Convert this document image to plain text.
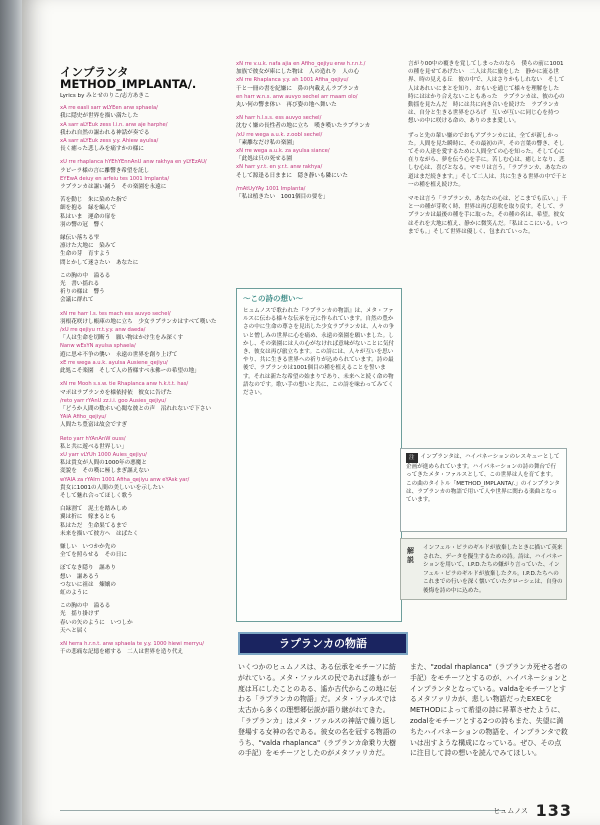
インプランタ
METHOD_IMPLANTA/.
Lyrics by みとせのりこ/志方あきこ
xA rre easli sarr wLYEen anw sphaela/
我に隠史が世界を描い満たした
xA sarr aLYEuk zess I.i.n. anw aje harphe/
我われ自然の謳われる神話が奏でる
xA sarr aLYEuk zess y.y. Ahiew ayulsa/
長く癒った悲しみを痛すかの様に
xU rre rhaplanca hYEhYEnnAnU anw rakhya en yLYEzAU/
ラビーラ様の言に離響き希望を託し
EYEwA deiuy en arfeiu tes 1001 Implanta/
ラプランカは謳い踊う　その楽園を永遠に
苦を動じ　朱に染めた指で
細を抱る　緑を編んで
私はいま　運命の扉を
羽の響の冠　響く
縁伝い落ちる雫
凛けた大地に　染みて
生命の芽　育すよう
問とかして迷さたい　あなたに
この胸の中　溢るる
光　書い揺れる
祈りの様は　響う
会議に群れて
xN rre harr I.s. tes mach ess auvyo sechel/
羽根花咲けし帳庫の地に立ち　少女ラプランカはすべて嘆いた
/xU rre qejiyu rr.t.y.y. anw daeda/
「人は生命を切断う　願い物はかけ生をみ深くす
Nanw wEsYN ayulsa sphaela/
遊に思ヰ不争の襲い　永遠の世界を創り上げて
xE rre wega a.u.k. ayulsa Ausiene_qejiyu/
此処こそ楽園　そして人の皆様すべ永佛ーの希望の地」
xN rre Mooh s.s.w. tie Rhaplanca anw h.k.t.t. has/
マポはラプランカを様依持依　彼女に告げた
/reto yarr rYAnU zz.i.i. goo Ausies_qejiyu/
「どうか人間の数ホい心聞な彼との声　沼れれないで下さい
YAiA Afiho_qejiyu/
人間たち豊富は故会ですぎ
Reto yarr hYAnAnW ouss/
私と共に遊べる世界しい」
xU yarr vLYUh 1000 Auies_qejiyu/
私は貴女が人間の1000年の悪魔と
変貌を　その嘆に極しまぎ謳えない
wYAIA za rYAIrn 1001 Afiha_qejiyu anw eYAsk yar/
貴女に1001の人間の美しいいを示したい
そして魅れ合ってほしく歌う
白緑割て　泥土を踏みしめ
翼は折に　嫁まるとも
私はただ　生命果てるまで
未来を描いて彼方へ　はばたく
嫌しい　いつかか先の
全てを照らせる　その日に
ぼてなき隠り　謳あり
想い　謳あるう
つないに祖は　煉嬢の
虹のように
この胸の中　溢るる
光　揺り掛けず
春いの矢のように　いつしか
天へと届く
xN herra h.r.n.t. anw sphaela te y.y. 1000 hiewi merryu/
千の悲痛な記憶を癒する　二人は世界を造り代え
xN rre v.u.k. nafa ajia en Afiho_qejiyu enw h.r.n.t./
加族で彼女が庫にした物は　人の造れり　人の心
xN rre Rhaplanca y.y. ah 1001 Afiha_qejiyu/
千と一冊の書を紀嫌に　鼻の内載えんラプランカ
en harr w.n.s. anw auvyo sechel arr maam olo/
丸い何の響ま体い　再び姿の地へ舞いた
xN harr h.l.s.s. ess auvyo sechel/
沈むく嫌の長性者の地に立ち　嘆き嘆いたラプランカ
/xU rre wega a.u.k. z.oobl sechel/
「素離なだけ私の楽園」
xN rre wega a.u.k. za ayulsa siance/
「此処は只の死せる園
xN harr y.r.t. en y.r.t. anw rakhya/
そして源逢る日ままに　隠き静いも隣にいた
/mAtUyYAy 1001 Implanta/
「私は植きたい　1001個目の要を」
〜この詩の想い〜
ヒュムノスで歌われた『ラプランカの物語』は、メタ・ファルスに伝わる様々な伝承を元に作られています。自然の豊かさの中に生命の尊さを見出した少女ラプランカは、人々の争いと憎しみの世界に心を痛め、永遠の楽園を願いました。しかし、その楽園には人の心がなければ意味がないことに気付き、彼女は再び旅立ちます。この詩には、人々が互いを思いやり、共に生きる世界への祈りが込められています。詩の最後で、ラプランカは1001個目の種を植えることを誓います。それは新たな希望の始まりであり、未来へと続く命の物語なのです。歌い手の想いと共に、この詩を味わってみてください。
言がり00中の覆きを覚してしまったのなら　僕らの前に1001の種を見せてあげたい　二人は共に旅をした　静かに流る世界、時の見える丘　彼の中で、人はさりかもしれない　そして人はあれいにまとを知り、おもいを通じて様々を理解をした　時にははかり合えないこともあった　ラプランカは、彼の心の動揺を見たんだ　時には共に向き合いを続けた　ラプランカは、自分と生きる世界をひろげ　互いが互いに同じ心を持つ　想いの中に咲ける命の、ありのまま愛しい。
ずっと先の輩い嫌のでおもアプランカには、全てが新しかった。人間を見た瞬時に、その最初の声、その言葉の響き、そしてその人達を愛するために人間全ての心を知った。そして心に在りながら、夢を伝う心を手に。苦しむ心は、癒しとなり、悲しむ心は、喜びとなる。マモリは言う。「ラプランカ、あなたの道はまだ続きます。」そして二人は、共に生きる世界の中で千と一の種を植え続けた。
マモは言う「ラプランカ、あなたの心は、どこまでも広い。」千と一の種が芽吹く時、世界は再び息吹を取り戻す。そして、ラプランカは最後の種を手に取った。その種の名は、希望。彼女はそれを大地に植え、静かに微笑んだ。「私はここにいる。いつまでも。」そして世界は優しく、包まれていった。
注 インプランタは、ハイパネーションのレスキューとして企画が進められています。ハイパネーションの詩の舞台で行ってきたメタ・ファルスとして、この世界は人を育てます。この曲のタイトル「METHOD_IMPLANTA/.」のインプランタは、ラプランカの物語で用いて人や世界に関わる楽曲となっています。
解説
インフェル・ピラのギルドが放棄したときに描いて英来された、データを擬生するための詩。詩は、ハイパネーションを用いて、I.P.D.たちの嫌がり言っていた、インフェル・ピラのギルドが放棄したクル。I.P.D.たちへのこれまでの行いを深く懐いていたクローシェは、自身の後悔を詩の中に込めた。
ラプランカの物語
いくつかのヒュムノスは、ある伝承をモチーフに紡がれている。メタ・ファルスの民であれば誰もが一度は耳にしたことのある、遙か古代からこの地に伝わる「ラプランカの物語」だ。メタ・ファルスでは太古から多くの理想郷伝説が語り継がれてきた。「ラプランカ」はメタ・ファルスの神話で繰り返し登場する女神の名である。彼女の名を冠する物語のうち、"valda rhaplanca"（ラプランカ命乗り大樹の手記）をモチーフとしたのがメタファリカだ。
また、"zodal rhaplanca"（ラプランカ死せる者の手記）をモチーフとするのが、ハイパネーションとインプランタとなっている。valdaをモチーフとするメタファリカが、悲しい物語だったEXECをMETHODによって希望の詩に昇華させたように、zodalをモチーフとする2つの詩もまた、失望に満ちたハイパネーションの物語を、インプランタで救いは出すような構成になっている。ぜひ、その点に注目して詩の想いを読んでみてほしい。
ヒュムノス 133
